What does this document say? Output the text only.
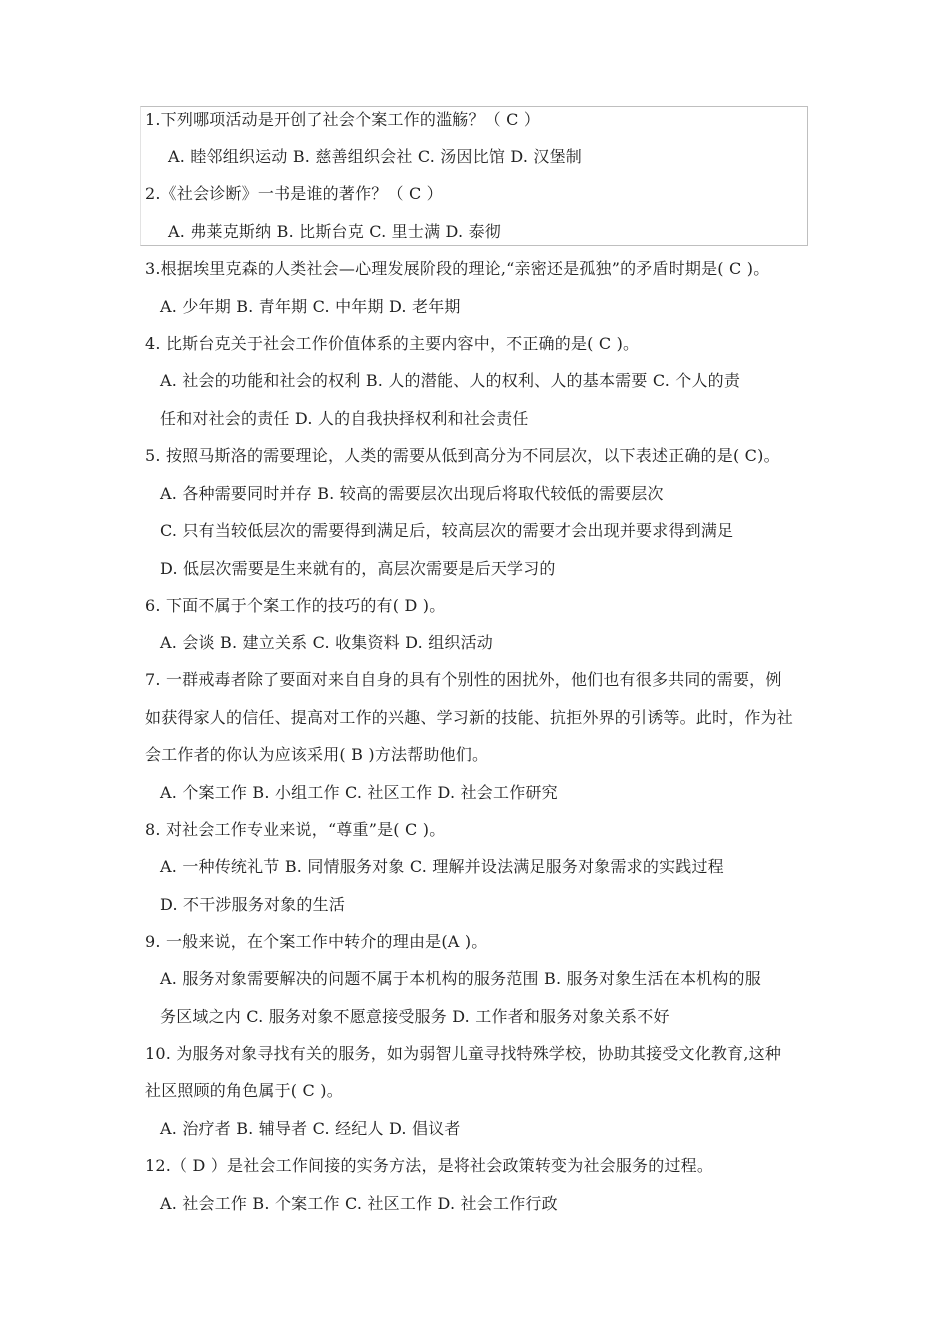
1.下列哪项活动是开创了社会个案工作的滥觞？（ C ）
A. 睦邻组织运动 B. 慈善组织会社 C. 汤因比馆 D. 汉堡制
2.《社会诊断》一书是谁的著作？（ C ）
A. 弗莱克斯纳 B. 比斯台克 C. 里士满 D. 泰彻
3.根据埃里克森的人类社会—心理发展阶段的理论,“亲密还是孤独”的矛盾时期是( C )。
A. 少年期 B. 青年期 C. 中年期 D. 老年期
4. 比斯台克关于社会工作价值体系的主要内容中，不正确的是( C )。
A. 社会的功能和社会的权利 B. 人的潜能、人的权利、人的基本需要 C. 个人的责
任和对社会的责任 D. 人的自我抉择权利和社会责任
5. 按照马斯洛的需要理论，人类的需要从低到高分为不同层次，以下表述正确的是( C)。
A. 各种需要同时并存 B. 较高的需要层次出现后将取代较低的需要层次
C. 只有当较低层次的需要得到满足后，较高层次的需要才会出现并要求得到满足
D. 低层次需要是生来就有的，高层次需要是后天学习的
6. 下面不属于个案工作的技巧的有( D )。
A. 会谈 B. 建立关系 C. 收集资料 D. 组织活动
7. 一群戒毒者除了要面对来自自身的具有个别性的困扰外，他们也有很多共同的需要，例
如获得家人的信任、提高对工作的兴趣、学习新的技能、抗拒外界的引诱等。此时，作为社
会工作者的你认为应该采用( B )方法帮助他们。
A. 个案工作 B. 小组工作 C. 社区工作 D. 社会工作研究
8. 对社会工作专业来说，“尊重”是( C )。
A. 一种传统礼节 B. 同情服务对象 C. 理解并设法满足服务对象需求的实践过程
D. 不干涉服务对象的生活
9. 一般来说，在个案工作中转介的理由是(A )。
A. 服务对象需要解决的问题不属于本机构的服务范围 B. 服务对象生活在本机构的服
务区域之内 C. 服务对象不愿意接受服务 D. 工作者和服务对象关系不好
10. 为服务对象寻找有关的服务，如为弱智儿童寻找特殊学校，协助其接受文化教育,这种
社区照顾的角色属于( C )。
A. 治疗者 B. 辅导者 C. 经纪人 D. 倡议者
12.（ D ）是社会工作间接的实务方法，是将社会政策转变为社会服务的过程。
A. 社会工作 B. 个案工作 C. 社区工作 D. 社会工作行政
